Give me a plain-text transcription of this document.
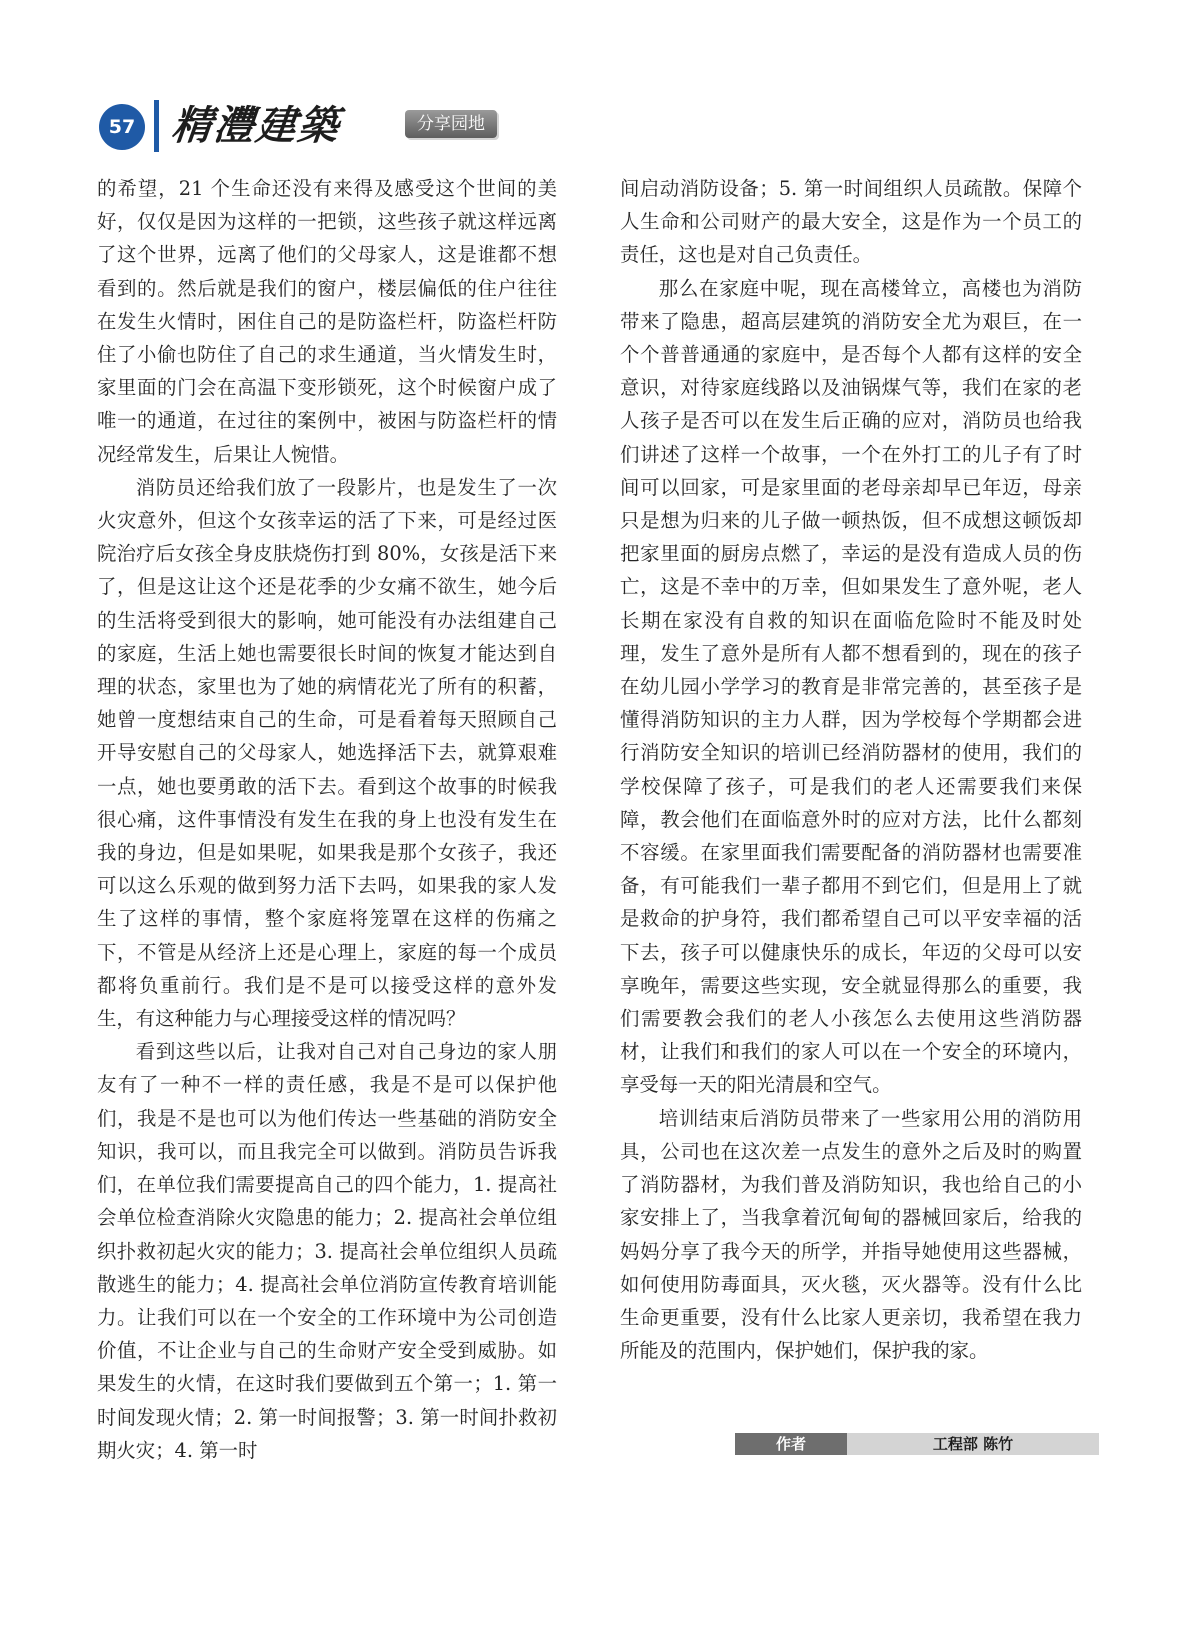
57 精灃建築	分享园地

的希望，21 个生命还没有来得及感受这个世间的美好，仅仅是因为这样的一把锁，这些孩子就这样远离了这个世界，远离了他们的父母家人，这是谁都不想看到的。然后就是我们的窗户，楼层偏低的住户往往在发生火情时，困住自己的是防盗栏杆，防盗栏杆防住了小偷也防住了自己的求生通道，当火情发生时，家里面的门会在高温下变形锁死，这个时候窗户成了唯一的通道，在过往的案例中，被困与防盗栏杆的情况经常发生，后果让人惋惜。

消防员还给我们放了一段影片，也是发生了一次火灾意外，但这个女孩幸运的活了下来，可是经过医院治疗后女孩全身皮肤烧伤打到 80%，女孩是活下来了，但是这让这个还是花季的少女痛不欲生，她今后的生活将受到很大的影响，她可能没有办法组建自己的家庭，生活上她也需要很长时间的恢复才能达到自理的状态，家里也为了她的病情花光了所有的积蓄，她曾一度想结束自己的生命，可是看着每天照顾自己开导安慰自己的父母家人，她选择活下去，就算艰难一点，她也要勇敢的活下去。看到这个故事的时候我很心痛，这件事情没有发生在我的身上也没有发生在我的身边，但是如果呢，如果我是那个女孩子，我还可以这么乐观的做到努力活下去吗，如果我的家人发生了这样的事情，整个家庭将笼罩在这样的伤痛之下，不管是从经济上还是心理上，家庭的每一个成员都将负重前行。我们是不是可以接受这样的意外发生，有这种能力与心理接受这样的情况吗？

看到这些以后，让我对自己对自己身边的家人朋友有了一种不一样的责任感，我是不是可以保护他们，我是不是也可以为他们传达一些基础的消防安全知识，我可以，而且我完全可以做到。消防员告诉我们，在单位我们需要提高自己的四个能力，1. 提高社会单位检查消除火灾隐患的能力；2. 提高社会单位组织扑救初起火灾的能力；3. 提高社会单位组织人员疏散逃生的能力；4. 提高社会单位消防宣传教育培训能力。让我们可以在一个安全的工作环境中为公司创造价值，不让企业与自己的生命财产安全受到威胁。如果发生的火情，在这时我们要做到五个第一；1. 第一时间发现火情；2. 第一时间报警；3. 第一时间扑救初期火灾；4. 第一时

间启动消防设备；5. 第一时间组织人员疏散。保障个人生命和公司财产的最大安全，这是作为一个员工的责任，这也是对自己负责任。

那么在家庭中呢，现在高楼耸立，高楼也为消防带来了隐患，超高层建筑的消防安全尤为艰巨，在一个个普普通通的家庭中，是否每个人都有这样的安全意识，对待家庭线路以及油锅煤气等，我们在家的老人孩子是否可以在发生后正确的应对，消防员也给我们讲述了这样一个故事，一个在外打工的儿子有了时间可以回家，可是家里面的老母亲却早已年迈，母亲只是想为归来的儿子做一顿热饭，但不成想这顿饭却把家里面的厨房点燃了，幸运的是没有造成人员的伤亡，这是不幸中的万幸，但如果发生了意外呢，老人长期在家没有自救的知识在面临危险时不能及时处理，发生了意外是所有人都不想看到的，现在的孩子在幼儿园小学学习的教育是非常完善的，甚至孩子是懂得消防知识的主力人群，因为学校每个学期都会进行消防安全知识的培训已经消防器材的使用，我们的学校保障了孩子，可是我们的老人还需要我们来保障，教会他们在面临意外时的应对方法，比什么都刻不容缓。在家里面我们需要配备的消防器材也需要准备，有可能我们一辈子都用不到它们，但是用上了就是救命的护身符，我们都希望自己可以平安幸福的活下去，孩子可以健康快乐的成长，年迈的父母可以安享晚年，需要这些实现，安全就显得那么的重要，我们需要教会我们的老人小孩怎么去使用这些消防器材，让我们和我们的家人可以在一个安全的环境内，享受每一天的阳光清晨和空气。

培训结束后消防员带来了一些家用公用的消防用具，公司也在这次差一点发生的意外之后及时的购置了消防器材，为我们普及消防知识，我也给自己的小家安排上了，当我拿着沉甸甸的器械回家后，给我的妈妈分享了我今天的所学，并指导她使用这些器械，如何使用防毒面具，灭火毯，灭火器等。没有什么比生命更重要，没有什么比家人更亲切，我希望在我力所能及的范围内，保护她们，保护我的家。

作者	工程部 陈竹
